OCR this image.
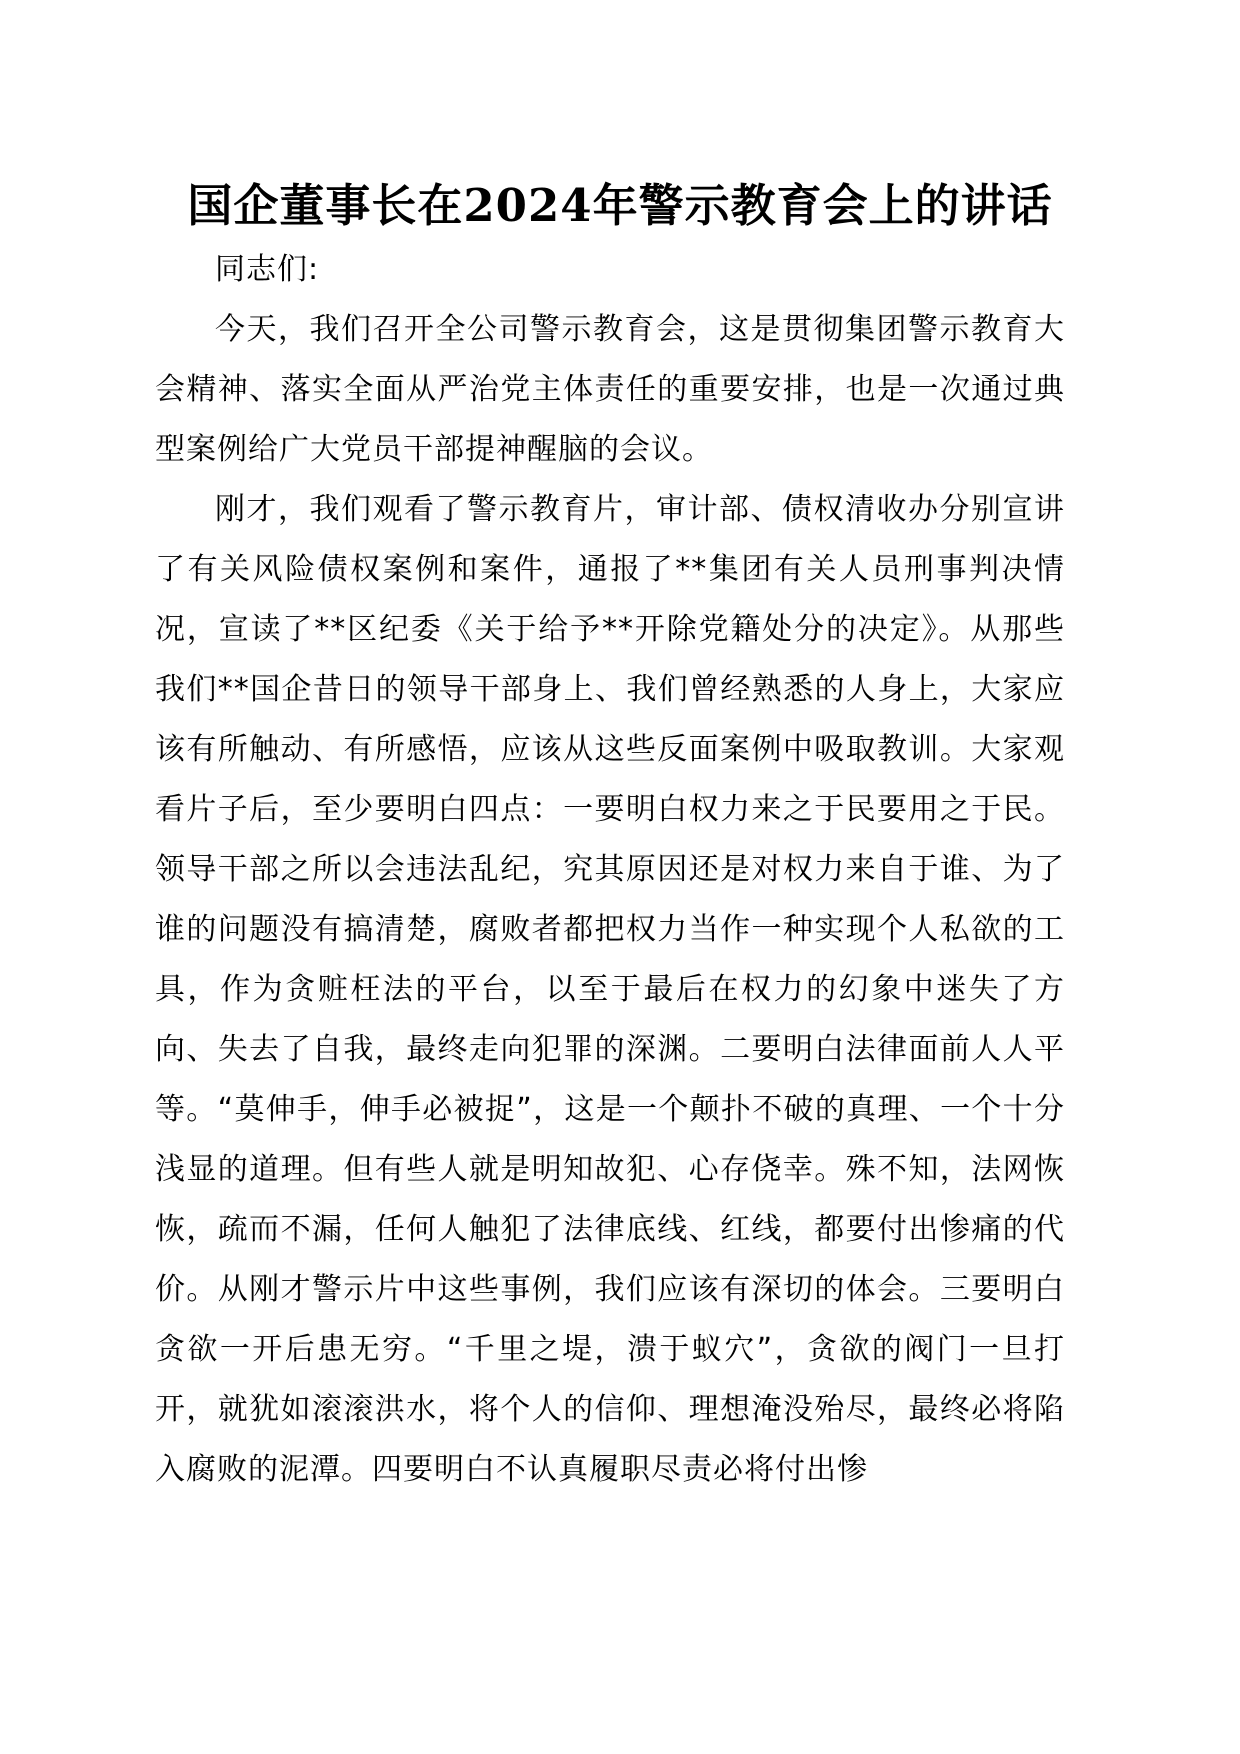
国企董事长在2024年警示教育会上的讲话

同志们:

今天，我们召开全公司警示教育会，这是贯彻集团警示教育大会精神、落实全面从严治党主体责任的重要安排，也是一次通过典型案例给广大党员干部提神醒脑的会议。

刚才，我们观看了警示教育片，审计部、债权清收办分别宣讲了有关风险债权案例和案件，通报了**集团有关人员刑事判决情况，宣读了**区纪委《关于给予**开除党籍处分的决定》。从那些我们**国企昔日的领导干部身上、我们曾经熟悉的人身上，大家应该有所触动、有所感悟，应该从这些反面案例中吸取教训。大家观看片子后，至少要明白四点：一要明白权力来之于民要用之于民。领导干部之所以会违法乱纪，究其原因还是对权力来自于谁、为了谁的问题没有搞清楚，腐败者都把权力当作一种实现个人私欲的工具，作为贪赃枉法的平台，以至于最后在权力的幻象中迷失了方向、失去了自我，最终走向犯罪的深渊。二要明白法律面前人人平等。“莫伸手，伸手必被捉”，这是一个颠扑不破的真理、一个十分浅显的道理。但有些人就是明知故犯、心存侥幸。殊不知，法网恢恢，疏而不漏，任何人触犯了法律底线、红线，都要付出惨痛的代价。从刚才警示片中这些事例，我们应该有深切的体会。三要明白贪欲一开后患无穷。“千里之堤，溃于蚁穴”，贪欲的阀门一旦打开，就犹如滚滚洪水，将个人的信仰、理想淹没殆尽，最终必将陷入腐败的泥潭。四要明白不认真履职尽责必将付出惨
